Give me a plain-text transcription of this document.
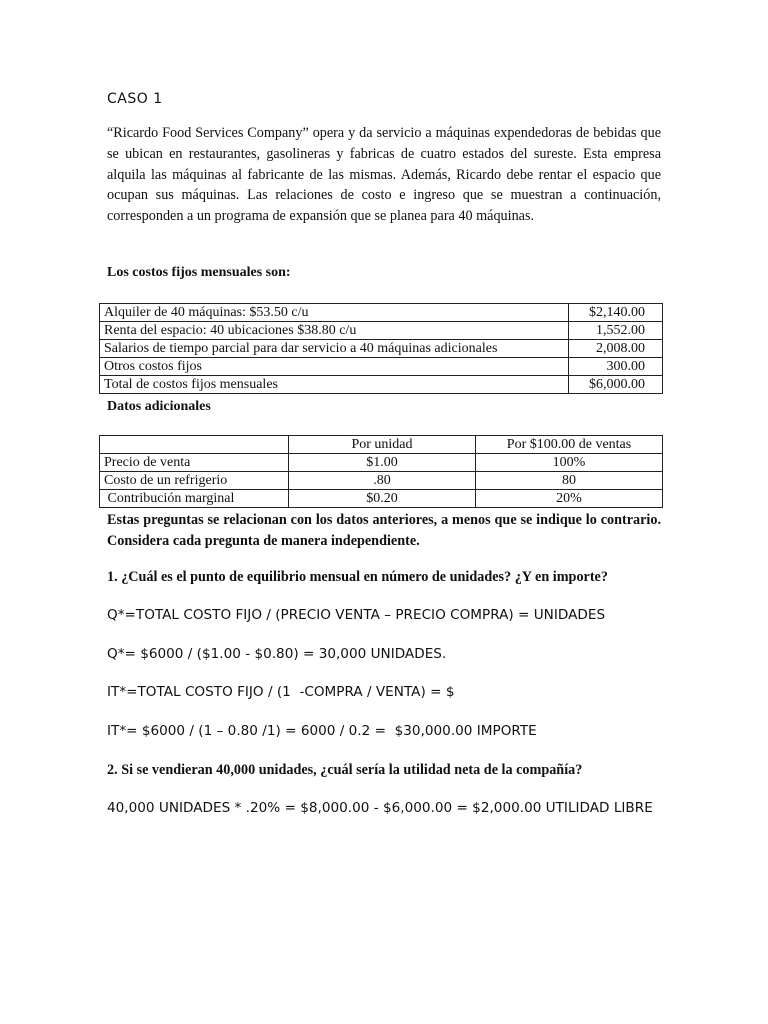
CASO 1
“Ricardo Food Services Company” opera y da servicio a máquinas expendedoras de bebidas que se ubican en restaurantes, gasolineras y fabricas de cuatro estados del sureste. Esta empresa alquila las máquinas al fabricante de las mismas. Además, Ricardo debe rentar el espacio que ocupan sus máquinas. Las relaciones de costo e ingreso que se muestran a continuación, corresponden a un programa de expansión que se planea para 40 máquinas.
Los costos fijos mensuales son:
Alquiler de 40 máquinas: $53.50 c/u	$2,140.00
Renta del espacio: 40 ubicaciones $38.80 c/u	1,552.00
Salarios de tiempo parcial para dar servicio a 40 máquinas adicionales	2,008.00
Otros costos fijos	300.00
Total de costos fijos mensuales	$6,000.00
Datos adicionales
	Por unidad	Por $100.00 de ventas
Precio de venta	$1.00	100%
Costo de un refrigerio	.80	80
Contribución marginal	$0.20	20%
Estas preguntas se relacionan con los datos anteriores, a menos que se indique lo contrario. Considera cada pregunta de manera independiente.
1. ¿Cuál es el punto de equilibrio mensual en número de unidades? ¿Y en importe?
Q*=TOTAL COSTO FIJO / (PRECIO VENTA – PRECIO COMPRA) = UNIDADES
Q*= $6000 / ($1.00 - $0.80) = 30,000 UNIDADES.
IT*=TOTAL COSTO FIJO / (1  -COMPRA / VENTA) = $
IT*= $6000 / (1 – 0.80 /1) = 6000 / 0.2 =  $30,000.00 IMPORTE
2. Si se vendieran 40,000 unidades, ¿cuál sería la utilidad neta de la compañía?
40,000 UNIDADES * .20% = $8,000.00 - $6,000.00 = $2,000.00 UTILIDAD LIBRE
